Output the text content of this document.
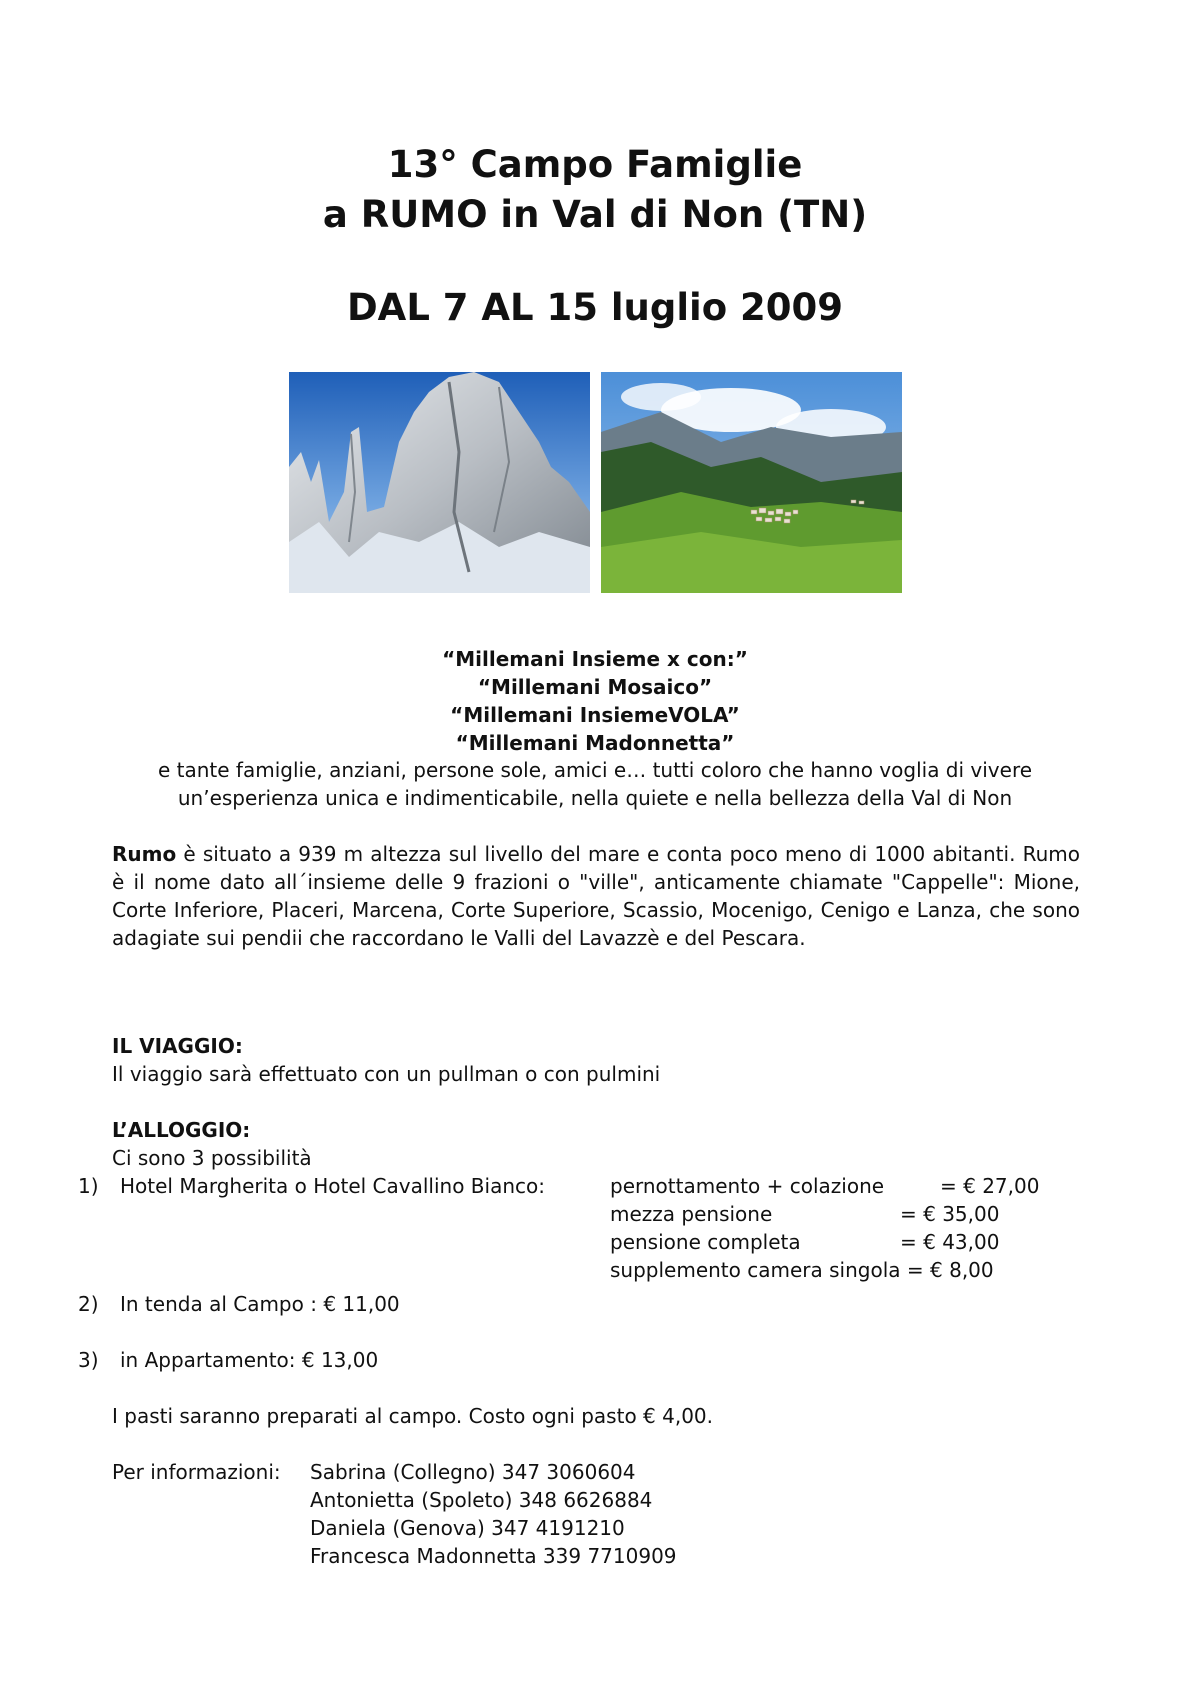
13° Campo Famiglie
a RUMO in Val di Non (TN)
DAL 7 AL 15 luglio 2009
“Millemani Insieme x con:”
“Millemani Mosaico”
“Millemani InsiemeVOLA”
“Millemani Madonnetta”
e tante famiglie, anziani, persone sole, amici e… tutti coloro che hanno voglia di vivere
un’esperienza unica e indimenticabile, nella quiete e nella bellezza della Val di Non
Rumo è situato a 939 m altezza sul livello del mare e conta poco meno di 1000 abitanti. Rumo è il nome dato all´insieme delle 9 frazioni o "ville", anticamente chiamate "Cappelle": Mione, Corte Inferiore, Placeri, Marcena, Corte Superiore, Scassio, Mocenigo, Cenigo e Lanza, che sono adagiate sui pendii che raccordano le Valli del Lavazzè e del Pescara.
IL VIAGGIO:
Il viaggio sarà effettuato con un pullman o con pulmini
L’ALLOGGIO:
Ci sono 3 possibilità
1) Hotel Margherita o Hotel Cavallino Bianco:	pernottamento + colazione	= € 27,00
mezza pensione	= € 35,00
pensione completa	= € 43,00
supplemento camera singola = € 8,00
2) In tenda al Campo : € 11,00
3) in Appartamento: € 13,00
I pasti saranno preparati al campo. Costo ogni pasto € 4,00.
Per informazioni: Sabrina (Collegno) 347 3060604
Antonietta (Spoleto) 348 6626884
Daniela (Genova) 347 4191210
Francesca Madonnetta 339 7710909
